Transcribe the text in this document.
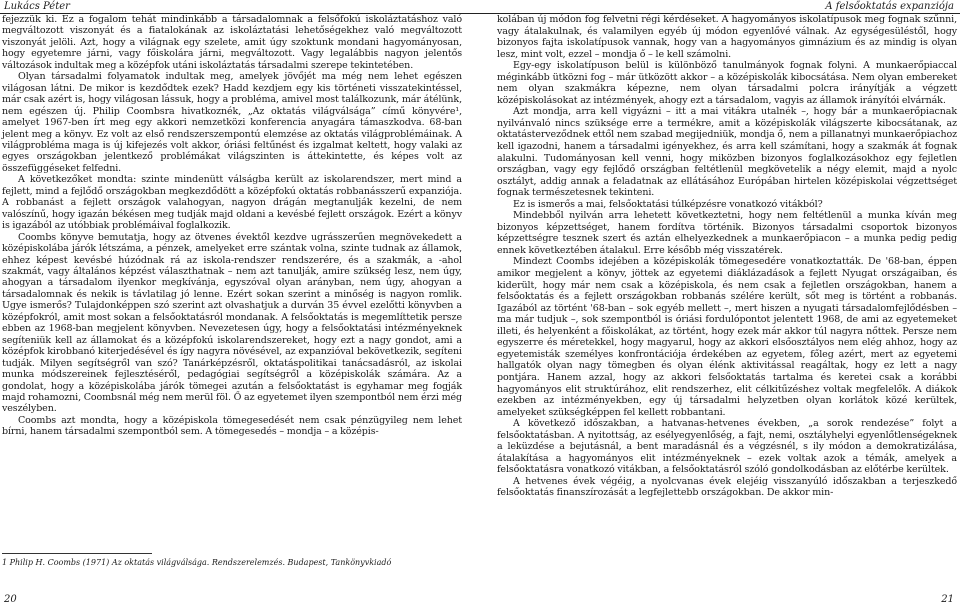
Lukács Péter	A felsőoktatás expanziója

fejezzük ki. Ez a fogalom tehát mindinkább a társadalomnak a felsőfokú iskoláztatáshoz való megváltozott viszonyát és a fiatalokának az iskoláztatási lehetőségekhez való megváltozott viszonyát jelöli. Azt, hogy a világnak egy szelete, amit úgy szoktunk mondani hagyományosan, hogy egyetemre járni, vagy főiskolára járni, megváltozott. Vagy legalábbis nagyon jelentős változások indultak meg a középfok utáni iskoláztatás társadalmi szerepe tekintetében.

Olyan társadalmi folyamatok indultak meg, amelyek jövőjét ma még nem lehet egészen világosan látni. De mikor is kezdődtek ezek? Hadd kezdjem egy kis történeti visszatekintéssel, már csak azért is, hogy világosan lássuk, hogy a probléma, amivel most találkozunk, már átélünk, nem egészen új. Philip Coombsra hivatkoznék, „Az oktatás világválsága” című könyvére¹, amelyet 1967-ben írt meg egy akkori nemzetközi konferencia anyagára támaszkodva. 68-ban jelent meg a könyv. Ez volt az első rendszerszempontú elemzése az oktatás világproblémáinak. A világprobléma maga is új kifejezés volt akkor, óriási feltűnést és izgalmat keltett, hogy valaki az egyes országokban jelentkező problémákat világszinten is áttekintette, és képes volt az összefüggéseket felfedni.

A következőket mondta: szinte mindenütt válságba került az iskolarendszer, mert mind a fejlett, mind a fejlődő országokban megkezdődött a középfokú oktatás robbanásszerű expanziója. A robbanást a fejlett országok valahogyan, nagyon drágán megtanulják kezelni, de nem valószínű, hogy igazán békésen meg tudják majd oldani a kevésbé fejlett országok. Ezért a könyv is igazából az utóbbiak problémáival foglalkozik.

Coombs könyve bemutatja, hogy az ötvenes évektől kezdve ugrásszerűen megnövekedett a középiskolába járók létszáma, a pénzek, amelyeket erre szántak volna, szinte tudnak az államok, ehhez képest kevésbé húzódnak rá az iskola-rendszer rendszerére, és a szakmák, a -ahol szakmát, vagy általános képzést választhatnak – nem azt tanulják, amire szükség lesz, nem úgy, ahogyan a társadalom ilyenkor megkívánja, egyszóval olyan arányban, nem úgy, ahogyan a társadalomnak és nekik is távlatilag jó lenne. Ezért sokan szerint a minőség is nagyon romlik. Ugye ismerős? Tulajdonképpen szó szerint azt olvashatjuk a durván 35 évvel ezelőtti könyvben a középfokról, amit most sokan a felsőoktatásról mondanak. A felsőoktatás is megemlíttetik persze ebben az 1968-ban megjelent könyvben. Nevezetesen úgy, hogy a felsőoktatási intézményeknek segíteniük kell az államokat és a középfokú iskolarendszereket, hogy ezt a nagy gondot, ami a középfok kirobbanó kiterjedésével és így nagyra növésével, az expanzióval bekövetkezik, segíteni tudják. Milyen segítségről van szó? Tanárképzésről, oktatáspolitikai tanácsadásról, az iskolai munka módszereinek fejlesztéséről, pedagógiai segítségről a középiskolák számára. Az a gondolat, hogy a középiskolába járók tömegei azután a felsőoktatást is egyhamar meg fogják majd rohamozni, Coombsnál még nem merül föl. Ő az egyetemet ilyen szempontból nem érzi még veszélyben.

Coombs azt mondta, hogy a középiskola tömegesedését nem csak pénzügyileg nem lehet bírni, hanem társadalmi szempontból sem. A tömegesedés – mondja – a középis-

1 Philip H. Coombs (1971) Az oktatás világválsága. Rendszerelemzés. Budapest, Tankönyvkiadó

kolában új módon fog felvetni régi kérdéseket. A hagyományos iskolatípusok meg fognak szűnni, vagy átalakulnak, és valamilyen egyéb új módon egyenlővé válnak. Az egységesüléstől, hogy bizonyos fajta iskolatípusok vannak, hogy van a hagyományos gimnázium és az mindig is olyan lesz, mint volt, ezzel – mondja ő – le kell számolni.

Egy-egy iskolatípuson belül is különböző tanulmányok fognak folyni. A munkaerőpiaccal méginkább ütközni fog – már ütközött akkor – a középiskolák kibocsátása. Nem olyan embereket nem olyan szakmákra képezne, nem olyan társadalmi polcra irányítják a végzett középiskolásokat az intézmények, ahogy ezt a társadalom, vagyis az államok irányítói elvárnák.

Azt mondja, arra kell vigyázni – itt a mai vitákra utalnék –, hogy bár a munkaerőpiacnak nyilvánvaló nincs szüksége erre a termékre, amit a középiskolák világszerte kibocsátanak, az oktatásterveződnek ettől nem szabad megijedniük, mondja ő, nem a pillanatnyi munkaerőpiachoz kell igazodni, hanem a társadalmi igényekhez, és arra kell számítani, hogy a szakmák át fognak alakulni. Tudományosan kell venni, hogy miközben bizonyos foglalkozásokhoz egy fejletlen országban, vagy egy fejlődő országban feltétlenül megkövetelik a négy elemit, majd a nyolc osztályt, addig annak a feladatnak az ellátásához Európában hirtelen középiskolai végzettséget fognak természetesnek tekinteni.

Ez is ismerős a mai, felsőoktatási túlképzésre vonatkozó vitákból?

Mindebből nyilván arra lehetett következtetni, hogy nem feltétlenül a munka kíván meg bizonyos képzettséget, hanem fordítva történik. Bizonyos társadalmi csoportok bizonyos képzettségre tesznek szert és aztán elhelyezkednek a munkaerőpiacon – a munka pedig pedig ennek következtében átalakul. Erre később még visszatérek.

Mindezt Coombs idejében a középiskolák tömegesedére vonatkoztatták. De '68-ban, éppen amikor megjelent a könyv, jöttek az egyetemi diáklázadások a fejlett Nyugat országaiban, és kiderült, hogy már nem csak a középiskola, és nem csak a fejletlen országokban, hanem a felsőoktatás és a fejlett országokban robbanás szélére került, sőt meg is történt a robbanás. Igazából az történt '68-ban – sok egyéb mellett –, mert hiszen a nyugati társadalomfejlődésben – ma már tudjuk –, sok szempontból is óriási fordulópontot jelentett 1968, de ami az egyetemeket illeti, és helyenként a főiskolákat, az történt, hogy ezek már akkor túl nagyra nőttek. Persze nem egyszerre és méretekkel, hogy magyarul, hogy az akkori elsőosztályos nem elég ahhoz, hogy az egyetemisták személyes konfrontációja érdekében az egyetem, főleg azért, mert az egyetemi hallgatók olyan nagy tömegben és olyan élénk aktivitással reagáltak, hogy ez lett a nagy pontjára. Hanem azzal, hogy az akkori felsőoktatás tartalma és keretei csak a korábbi hagyományos elit struktúrához, elit rendszerhez, elit célkitűzéshez voltak megfelelők. A diákok ezekben az intézményekben, egy új társadalmi helyzetben olyan korlátok közé kerültek, amelyeket szükségképpen fel kellett robbantani.

A következő időszakban, a hatvanas-hetvenes években, „a sorok rendezése” folyt a felsőoktatásban. A nyitottság, az esélyegyenlőség, a fajt, nemi, osztályhelyi egyenlőtlenségeknek a leküzdése a bejutásnál, a bent maradásnál és a végzésnél, s ily módon a demokratizálása, átalakítása a hagyományos elit intézményeknek – ezek voltak azok a témák, amelyek a felsőoktatásra vonatkozó vitákban, a felsőoktatásról szóló gondolkodásban az előtérbe kerültek.

A hetvenes évek végéig, a nyolcvanas évek elejéig visszanyúló időszakban a terjeszkedő felsőoktatás finanszírozását a legfejlettebb országokban. De akkor min-

20	21
